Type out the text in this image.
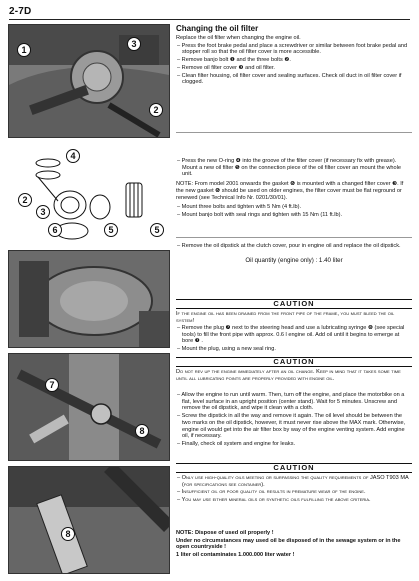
2-7D
1
3
2
4
2
3
5
6	5
7
8
8

Changing the oil filter

Replace the oil filter when changing the engine oil.

– Press the foot brake pedal and place a screwdriver or similar between foot brake pedal and stopper roll so that the oil filter cover is more accessible.

– Remove banjo bolt ❶ and the three bolts ❷.

– Remove oil filter cover ❸ and oil filter.

– Clean filter housing, oil filter cover and sealing surfaces. Check oil duct in oil filter cover if clogged.

– Press the new O-ring ❹ into the groove of the filter cover (if necessary fix with grease). Mount a new oil filter ❺ on the connection piece of the oil filter cover an mount the whole unit.

NOTE: From model 2001 onwards the gasket ❻ is mounted with a changed filter cover ❸. If the new gasket ❻ should be used on older engines, the filter cover must be flat reground or renewed (see Technical Info Nr. 0201/30/01).

– Mount three bolts and tighten with 5 Nm (4 ft.lb).

– Mount banjo bolt with seal rings and tighten with 15 Nm (11 ft.lb).

– Remove the oil dipstick at the clutch cover, pour in engine oil and replace the oil dipstick.

Oil quantity (engine only) : 1.40 liter

CAUTION

If the engine oil has been drained from the front pipe of the frame, you must bleed the oil system!

– Remove the plug ❼ next to the steering head and use a lubricating syringe ❽ (see special tools) to fill the front pipe with approx. 0.6 l engine oil. Add oil until it begins to emerge at bore ❼ .

– Mount the plug, using a new seal ring.

CAUTION

Do not rev up the engine immediately after an oil change. Keep in mind that it takes some time until all lubricating points are properly provided with engine oil.

– Allow the engine to run until warm. Then, turn off the engine, and place the motorbike on a flat, level surface in an upright position (center stand). Wait for 5 minutes. Unscrew and remove the oil dipstick, and wipe it clean with a cloth.

– Screw the dipstick in all the way and remove it again. The oil level should be between the two marks on the oil dipstick, however, it must never rise above the MAX mark. Otherwise, engine oil would get into the air filter box by way of the engine venting system. Add engine oil, if necessary.

– Finally, check oil system and engine for leaks.

CAUTION

– Only use high-quality oils meeting or surpassing the quality requirements of JASO T903 MA (for specifications see container).

– Insufficient oil or poor quality oil results in premature wear of the engine.

– You may use either mineral oils or synthetic oils fulfilling the above criteria.

NOTE: Dispose of used oil properly !

Under no circumstances may used oil be disposed of in the sewage system or in the open countryside !

1 liter oil contaminates 1.000.000 liter water !
